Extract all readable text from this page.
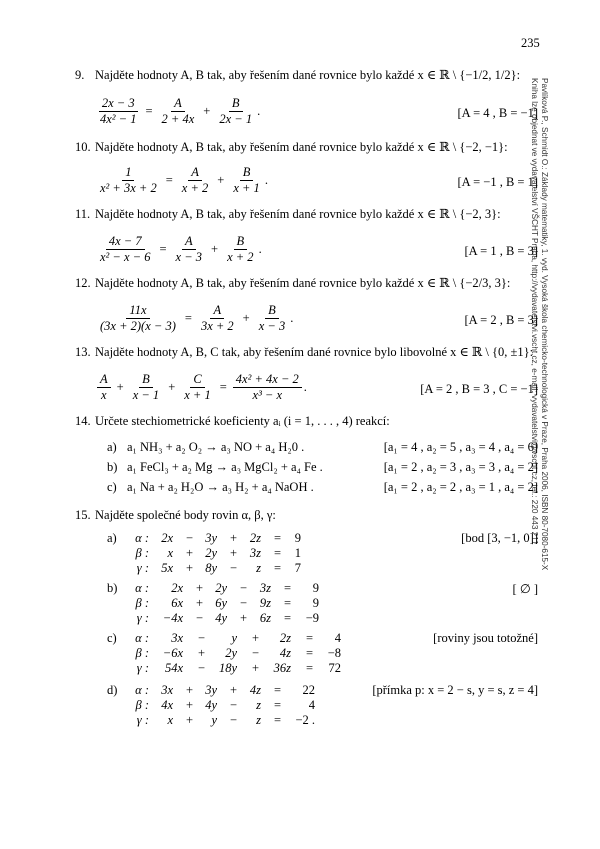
235
Pavlíková P., Schmidt O.: Základy matematiky, 1. vyd. Vysoká škola chemicko-technologická v Praze, Praha 2006, ISBN 80-7080-615-X
Kniha lze objednat ve vydavatelství VŠCHT Praha, http://vydavatelstvi.vscht.cz, e-mail: vydavatelstvi@vscht.cz, tel.: 220 443 211
9. Najděte hodnoty A, B tak, aby řešením dané rovnice bylo každé x ∈ ℝ \ {−1/2, 1/2}:
$\frac{2x - 3}{\text{4x² − 1}} = \frac{A}{2 + 4x} + \frac{B}{2x - 1}$ .	[A = 4 , B = −1]
10. Najděte hodnoty A, B tak, aby řešením dané rovnice bylo každé x ∈ ℝ \ {−2, −1}:
$\frac{1}{\text{x² + 3x + 2}} = \frac{A}{x + 2} + \frac{B}{x + 1}$ .	[A = −1 , B = 1]
11. Najděte hodnoty A, B tak, aby řešením dané rovnice bylo každé x ∈ ℝ \ {−2, 3}:
$\frac{4x - 7}{\text{x² − x − 6}} = \frac{A}{x - 3} + \frac{B}{x + 2}$ .	[A = 1 , B = 3]
12. Najděte hodnoty A, B tak, aby řešením dané rovnice bylo každé x ∈ ℝ \ {−2/3, 3}:
$\frac{11x}{(3x + 2)(x - 3)} = \frac{A}{3x + 2} + \frac{B}{x - 3}$ .	[A = 2 , B = 3]
13. Najděte hodnoty A, B, C tak, aby řešením dané rovnice bylo libovolné x ∈ ℝ \ {0, ±1}:
$\frac{A}{x} + \frac{B}{x - 1} + \frac{C}{x + 1} = \frac{\text{4x² + 4x − 2}}{\text{x³ − x}}$ .	[A = 2 , B = 3 , C = −1]
14. Určete stechiometrické koeficienty aᵢ (i = 1, . . . , 4) reakcí:
a) a₁ NH₃ + a₂ O₂ → a₃ NO + a₄ H₂0 .	[a₁ = 4 , a₂ = 5 , a₃ = 4 , a₄ = 6]
b) a₁ FeCl₃ + a₂ Mg → a₃ MgCl₂ + a₄ Fe .	[a₁ = 2 , a₂ = 3 , a₃ = 3 , a₄ = 2]
c) a₁ Na + a₂ H₂O → a₃ H₂ + a₄ NaOH .	[a₁ = 2 , a₂ = 2 , a₃ = 1 , a₄ = 2]
15. Najděte společné body rovin α, β, γ:
a)	α : 2x	− 3y	+	2z	=	9
β :	x	+ 2y	+	3z	=	1
γ : 5x	+ 8y	−	z	=	7
[bod [3, −1, 0]]
b)	α :	2x	+ 2y	−	3z	=	9
β :	6x	+ 6y	−	9z	=	9
γ :	−4x	− 4y	+	6z	=	−9
[ ∅ ]
c)	α :	3x	−	y	+	2z	=	4
β :	−6x	+	2y	−	4z	=	−8
γ :	54x	−	18y	+	36z	=	72
[roviny jsou totožné]
d)	α : 3x	+ 3y	+	4z	=	22
β : 4x	+ 4y	−	z	=	4
γ :	x	+	y	−	z	=	−2 .
[přímka p: x = 2 − s, y = s, z = 4]
